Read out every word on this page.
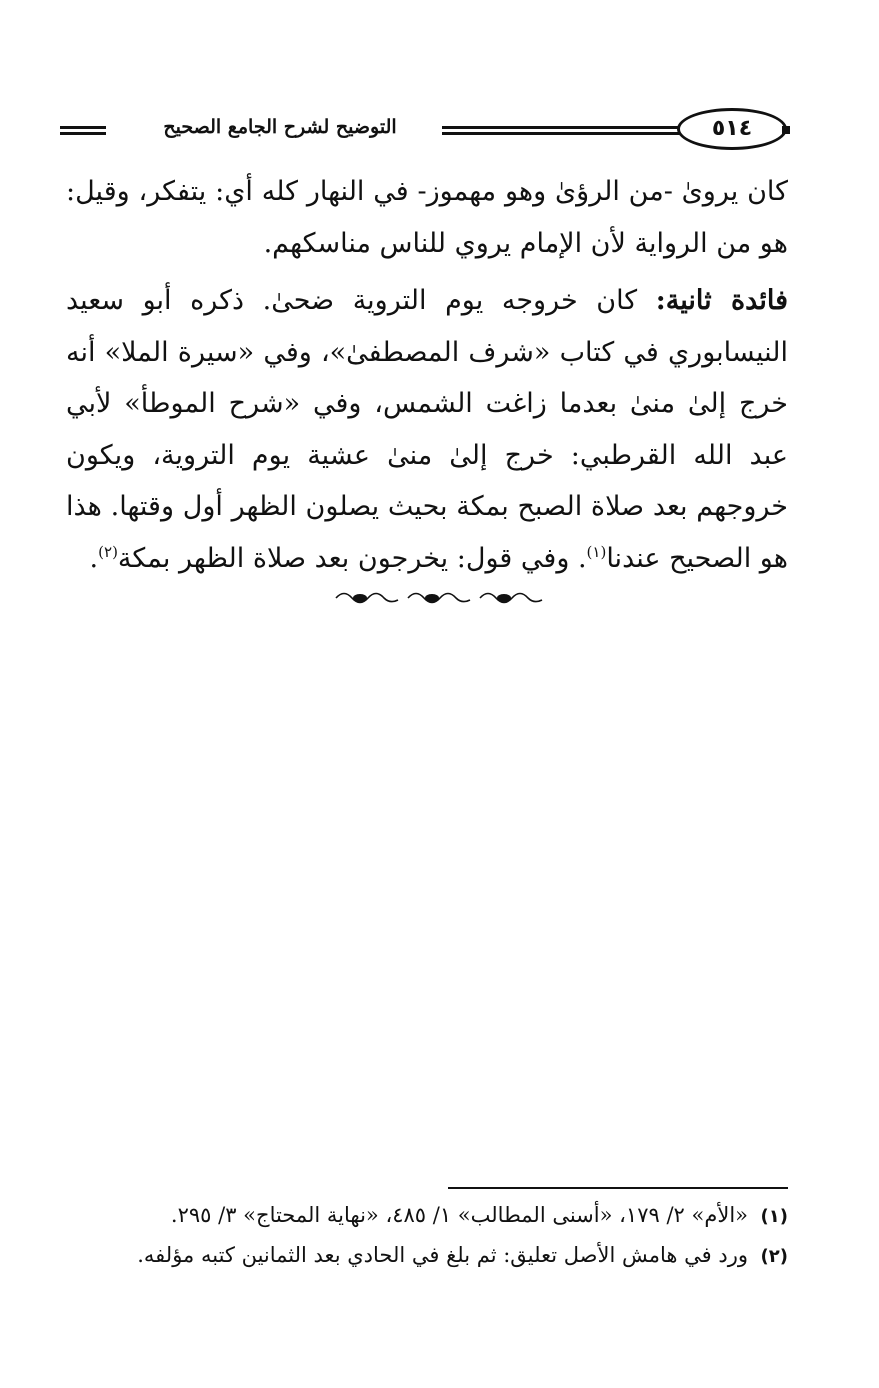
التوضيح لشرح الجامع الصحيح	٥١٤

كان يروىٰ -من الرؤىٰ وهو مهموز- في النهار كله أي: يتفكر، وقيل: هو من الرواية لأن الإمام يروي للناس مناسكهم.

فائدة ثانية: كان خروجه يوم التروية ضحىٰ. ذكره أبو سعيد النيسابوري في كتاب «شرف المصطفىٰ»، وفي «سيرة الملا» أنه خرج إلىٰ منىٰ بعدما زاغت الشمس، وفي «شرح الموطأ» لأبي عبد الله القرطبي: خرج إلىٰ منىٰ عشية يوم التروية، ويكون خروجهم بعد صلاة الصبح بمكة بحيث يصلون الظهر أول وقتها. هذا هو الصحيح عندنا$^{(١)}$. وفي قول: يخرجون بعد صلاة الظهر بمكة$^{(٢)}$.

(١)«الأم» ٢/ ١٧٩، «أسنى المطالب» ١/ ٤٨٥، «نهاية المحتاج» ٣/ ٢٩٥.

(٢)ورد في هامش الأصل تعليق: ثم بلغ في الحادي بعد الثمانين كتبه مؤلفه.
